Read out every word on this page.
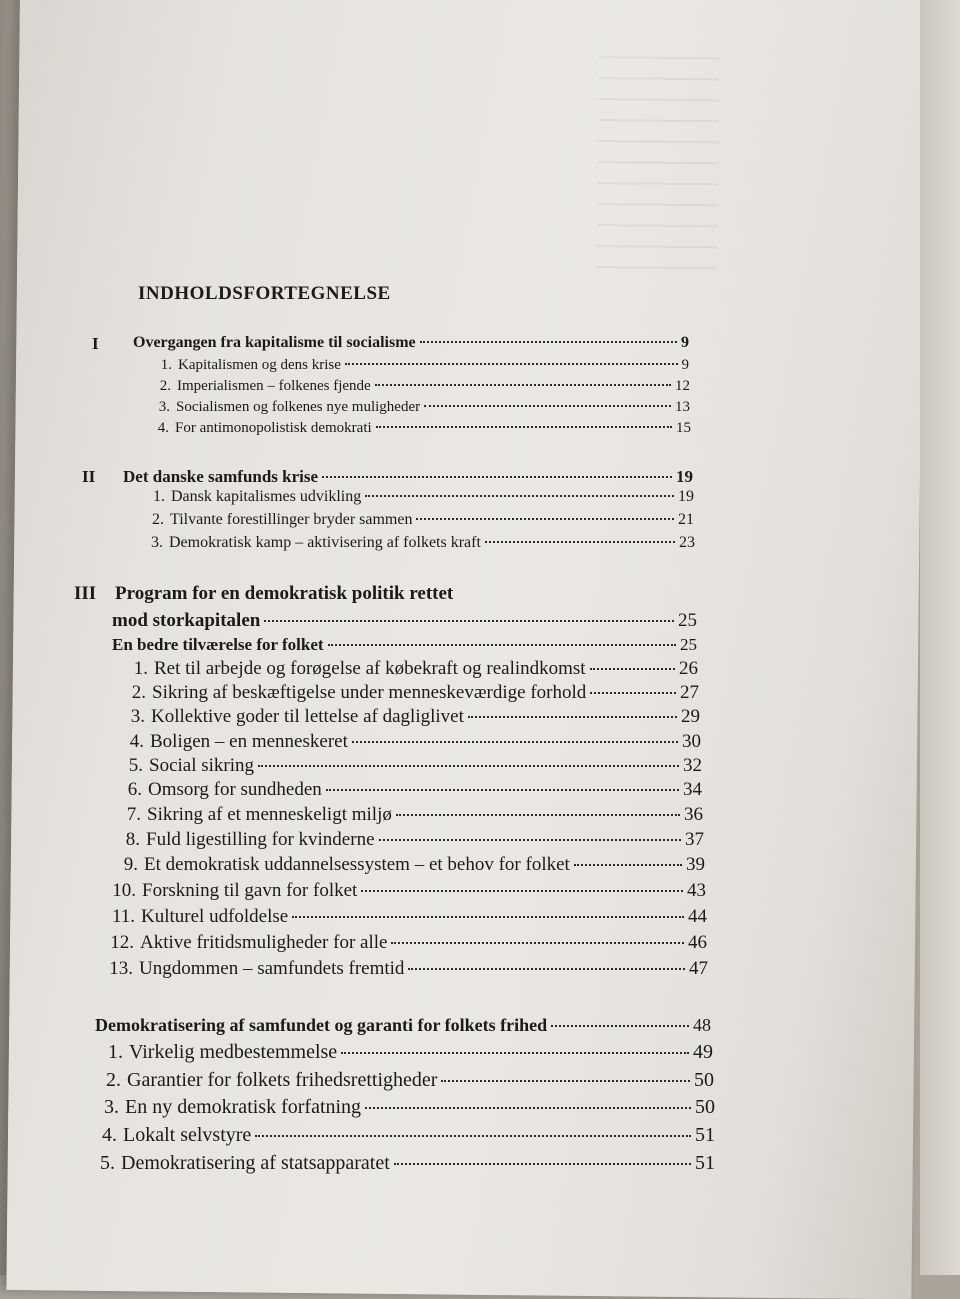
INDHOLDSFORTEGNELSE
I Overgangen fra kapitalisme til socialisme	9
1. Kapitalismen og dens krise	9
2. Imperialismen – folkenes fjende	12
3. Socialismen og folkenes nye muligheder	13
4. For antimonopolistisk demokrati	15
II Det danske samfunds krise	19
1. Dansk kapitalismes udvikling	19
2. Tilvante forestillinger bryder sammen	21
3. Demokratisk kamp – aktivisering af folkets kraft	23
III Program for en demokratisk politik rettet
mod storkapitalen	25
En bedre tilværelse for folket	25
1. Ret til arbejde og forøgelse af købekraft og realindkomst	26
2. Sikring af beskæftigelse under menneskeværdige forhold	27
3. Kollektive goder til lettelse af dagliglivet	29
4. Boligen – en menneskeret	30
5. Social sikring	32
6. Omsorg for sundheden	34
7. Sikring af et menneskeligt miljø	36
8. Fuld ligestilling for kvinderne	37
9. Et demokratisk uddannelsessystem – et behov for folket	39
10. Forskning til gavn for folket	43
11. Kulturel udfoldelse	44
12. Aktive fritidsmuligheder for alle	46
13. Ungdommen – samfundets fremtid	47
Demokratisering af samfundet og garanti for folkets frihed	48
1. Virkelig medbestemmelse	49
2. Garantier for folkets frihedsrettigheder	50
3. En ny demokratisk forfatning	50
4. Lokalt selvstyre	51
5. Demokratisering af statsapparatet	51
